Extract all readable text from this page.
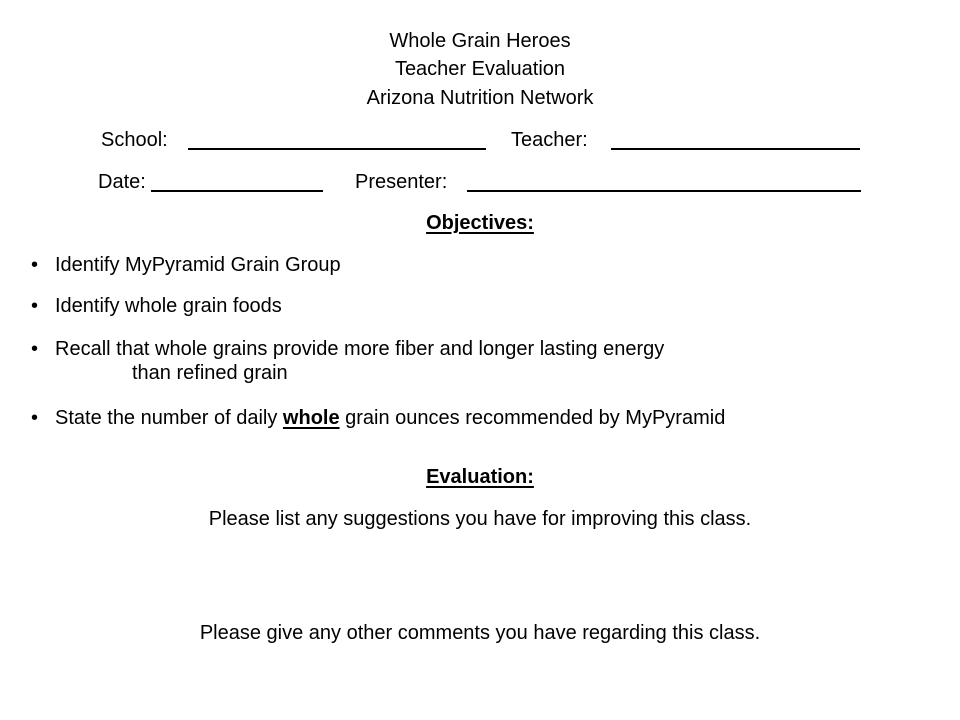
Whole Grain Heroes
Teacher Evaluation
Arizona Nutrition Network
School:	Teacher:
Date:	Presenter:
Objectives:
• Identify MyPyramid Grain Group
• Identify whole grain foods
• Recall that whole grains provide more fiber and longer lasting energy
than refined grain
• State the number of daily whole grain ounces recommended by MyPyramid
Evaluation:
Please list any suggestions you have for improving this class.
Please give any other comments you have regarding this class.
